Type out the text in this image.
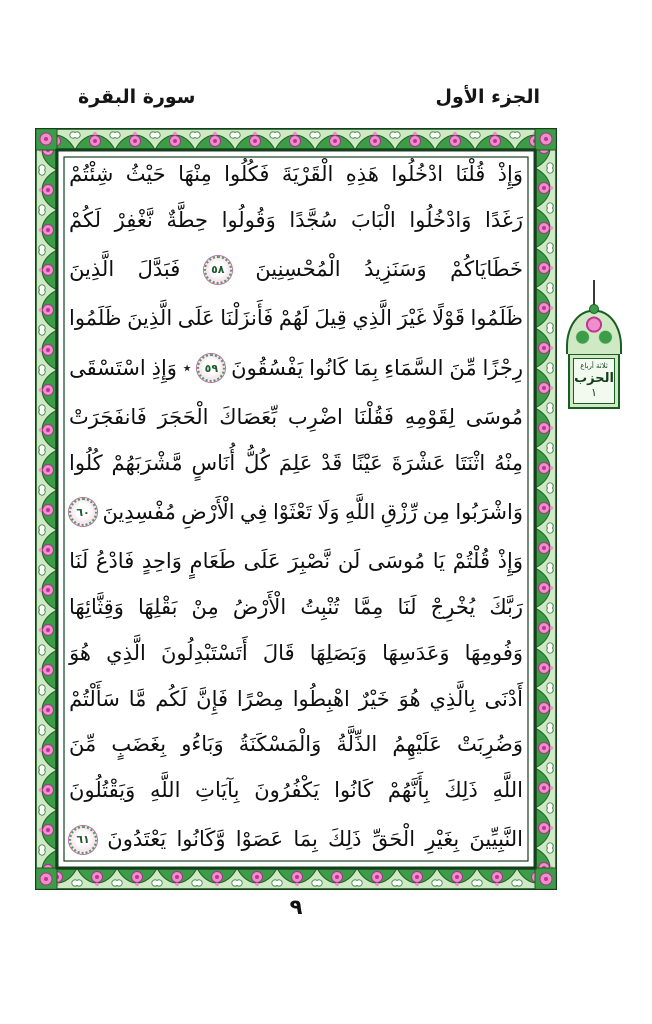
الجزء الأول
سورة البقرة
وَإِذْ
قُلْنَا
ادْخُلُوا
هَذِهِ
الْقَرْيَةَ
فَكُلُوا
مِنْهَا
حَيْثُ
شِئْتُمْ
رَغَدًا
وَادْخُلُوا
الْبَابَ
سُجَّدًا
وَقُولُوا
حِطَّةٌ
نَّغْفِرْ
لَكُمْ
خَطَايَاكُمْ
وَسَنَزِيدُ
الْمُحْسِنِينَ
٥٨
فَبَدَّلَ
الَّذِينَ
ظَلَمُوا
قَوْلًا
غَيْرَ
الَّذِي
قِيلَ
لَهُمْ
فَأَنزَلْنَا
عَلَى
الَّذِينَ
ظَلَمُوا
رِجْزًا
مِّنَ
السَّمَاءِ
بِمَا
كَانُوا
يَفْسُقُونَ
٥٩
٭
وَإِذِ
اسْتَسْقَى
مُوسَى
لِقَوْمِهِ
فَقُلْنَا
اضْرِب
بِّعَصَاكَ
الْحَجَرَ
فَانفَجَرَتْ
مِنْهُ
اثْنَتَا
عَشْرَةَ
عَيْنًا
قَدْ
عَلِمَ
كُلُّ
أُنَاسٍ
مَّشْرَبَهُمْ
كُلُوا
وَاشْرَبُوا
مِن
رِّزْقِ
اللَّهِ
وَلَا
تَعْثَوْا
فِي
الْأَرْضِ
مُفْسِدِينَ
٦٠
وَإِذْ
قُلْتُمْ
يَا
مُوسَى
لَن
نَّصْبِرَ
عَلَى
طَعَامٍ
وَاحِدٍ
فَادْعُ
لَنَا
رَبَّكَ
يُخْرِجْ
لَنَا
مِمَّا
تُنْبِتُ
الْأَرْضُ
مِنْ
بَقْلِهَا
وَقِثَّائِهَا
وَفُومِهَا
وَعَدَسِهَا
وَبَصَلِهَا
قَالَ
أَتَسْتَبْدِلُونَ
الَّذِي
هُوَ
أَدْنَى
بِالَّذِي
هُوَ
خَيْرٌ
اهْبِطُوا
مِصْرًا
فَإِنَّ
لَكُم
مَّا
سَأَلْتُمْ
وَضُرِبَتْ
عَلَيْهِمُ
الذِّلَّةُ
وَالْمَسْكَنَةُ
وَبَاءُو
بِغَضَبٍ
مِّنَ
اللَّهِ
ذَلِكَ
بِأَنَّهُمْ
كَانُوا
يَكْفُرُونَ
بِآيَاتِ
اللَّهِ
وَيَقْتُلُونَ
النَّبِيِّينَ
بِغَيْرِ
الْحَقِّ
ذَلِكَ
بِمَا
عَصَوْا
وَّكَانُوا
يَعْتَدُونَ
٦١
ثلاثة أرباع
الحزب
١
٩
